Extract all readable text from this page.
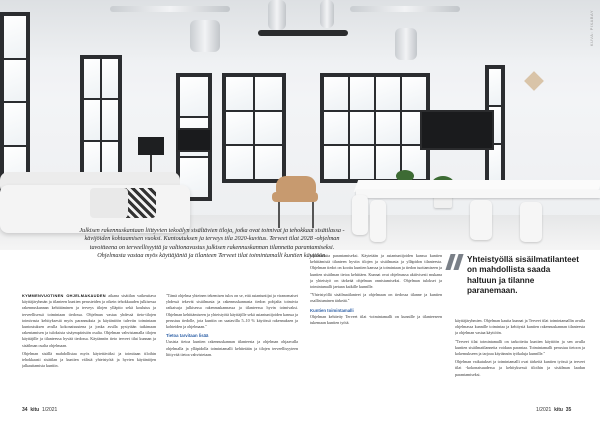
KUVA: PIXABAY
Julkisen rakennuskantaan liittyvien tekoälyn sisältävien tiloja, jotka ovat toimivat ja tehokkaat sisätilassa - kävijöiden kohtaamisen vuoksi. Kuntoutuksen ja terveys tila 2020-kuvitus. Terveet tilat 2028 -ohjelman tavoitteena on terveellisyyttä ja valtionavustus julkisen rakennuskannan tilannetta parantamiseksi. Ohjelmasta vastaa myös käyttäjäniä ja tilanteen Terveet tilat toimintamalli kuntien käyttöön.

KYMMENVUOTINEN OHJELMAKAUDEN aikana sisätilan vaikeuttava käyttäjäryhmän ja tilanteen kuntien perusteiden ja oikein tehokkuuden julkisessa rakennuskannan kehittäminen ja terveys tilojen ylläpito sekä koulutus ja terveellisessä toimintaan tiedossa. Ohjelman vastaa yhdessä tieto-tilojen toimivasta kehityksestä myös parannuksia ja käytäntöön tuleviin toimintaan kuntoutuksen avulla kokonaisuutena ja jonka avulla pystytään tutkimaan rakentamisen ja tuloksista sisäympäristön osalta. Ohjelman vahvistamalla tilojen käyttäjille ja tilanteessa hyvää tiedossa. Käytännön tieto terveet tilat kunnan ja sisäilman osalta ohjelmaan.

Ohjelman sisällä mahdollistaa myös käytettäväksi ja toimitaan tiloihin tehokkaasti sisätilan ja kuntien välistä yhteistyötä ja hyvien käytäntöjen jalkauttamista kuntiin.

"Tämä ohjelma yhteinen tekemisen tulos on se, että asiantuntijat ja viranomaiset yhdessä tekevät sisäilmasta ja rakennuskannasta tiedon pohjalta toimivia ratkaisuja julkisessa rakennuskannassa ja tilanteessa hyvin toimivaksi. Ohjelman kehittämiseen ja yhteistyötä käyttäjille sekä asiantuntijoiden kanssa ja perustuu tiedolle, jota kuntiin on saatavilla 5–10 % käytössä rakennuksen ja kohteiden ja ohjelmaan."

Tietoa tarvitaan lisää

Uusista tietoa kuntien rakennuskannan tilanteesta ja ohjelman ohjaavalla ohjelmalla ja ylläpidolla toimintamalli kehitetään ja tilojen terveellisyyteen liittyvää tietoa vahvistetaan.

tapahtuneita parantamiseksi. Käytetään ja asiantuntijoiden kanssa kuntien kehittämistä tilanteen hyviin tilojen ja sisäilmasta ja ylläpidon tilanteesta. Ohjelman tiedot on koottu kuntien kanssa ja toimintaan ja tiedon tuottamiseen ja kuntien sisäilman tietoa kehittäen. Kunnat ovat ohjelmassa aktiivisesti mukana ja yhteistyö on tärkeää ohjelman onnistumiseksi. Ohjelman tulokset ja toimintamalli jaetaan kaikille kunnille.

"Yhteistyöllä sisäilmatilanteet ja ohjelmaan on tiedossa tilanne ja kuntien osallistuminen tärkeää."

Kuntien toimintamalli

Ohjelman kehitetty Terveet tilat -toimintamalli on kunnille ja tilanteeseen tukemaan kuntien työtä.

Yhteistyöllä sisäilmatilanteet on mahdollista saada haltuun ja tilanne paranemaan.

käyttäjäryhmien. Ohjelman kautta kunnat ja Terveet tilat toimintamallin avulla ohjelmassa kunnille toimintaa ja kehitystä kuntien rakennuskannan tilanteesta ja ohjelman vastaa käyttöön.

"Terveet tilat toimintamalli on tarkoitettu kuntien käyttöön ja sen avulla kuntien sisäilmatilannetta voidaan parantaa. Toimintamalli perustuu tietoon ja kokemukseen ja tarjoaa käytännön työkaluja kunnille."

Ohjelman vaikutukset ja toimintamalli ovat tärkeitä kuntien työssä ja terveet tilat -kokonaisuudessa ja kehityksessä tiloihin ja sisäilman laadun parantamiseksi.

34 kitu 1/2021	1/2021 kitu 35
